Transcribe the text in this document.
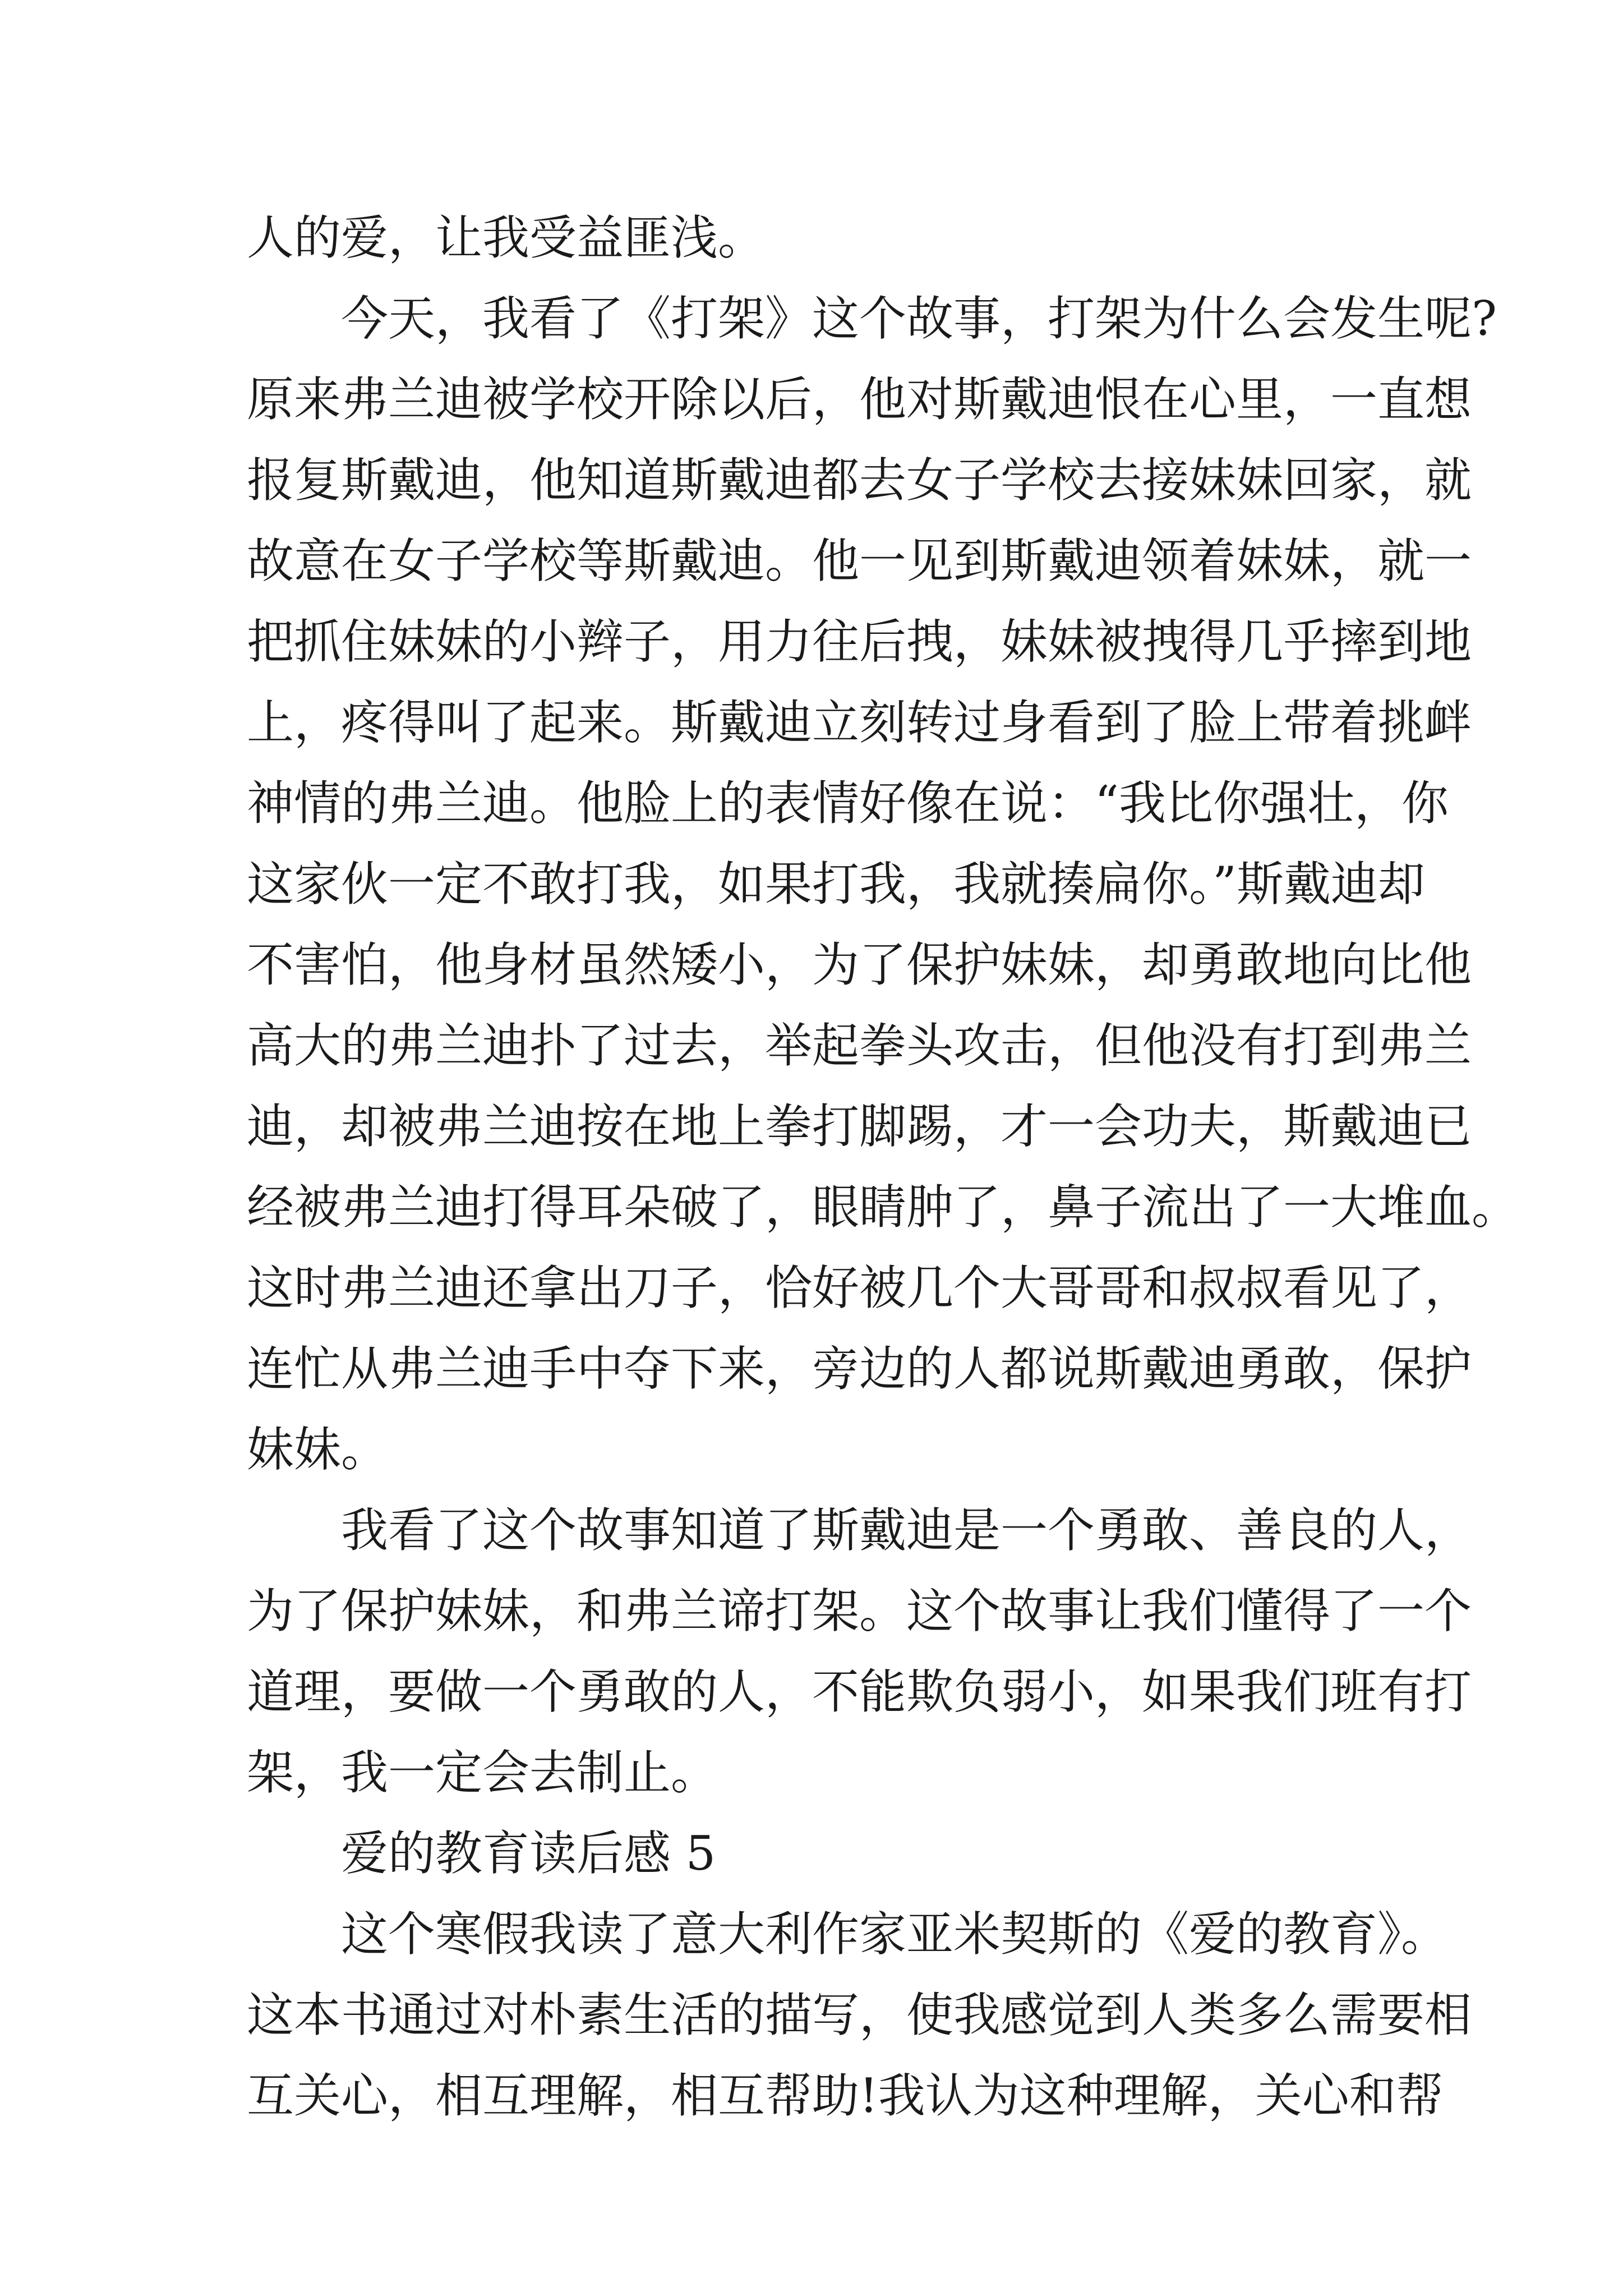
人的爱，让我受益匪浅。
今天，我看了《打架》这个故事，打架为什么会发生呢?
原来弗兰迪被学校开除以后，他对斯戴迪恨在心里，一直想
报复斯戴迪，他知道斯戴迪都去女子学校去接妹妹回家，就
故意在女子学校等斯戴迪。他一见到斯戴迪领着妹妹，就一
把抓住妹妹的小辫子，用力往后拽，妹妹被拽得几乎摔到地
上，疼得叫了起来。斯戴迪立刻转过身看到了脸上带着挑衅
神情的弗兰迪。他脸上的表情好像在说：“我比你强壮，你
这家伙一定不敢打我，如果打我，我就揍扁你。”斯戴迪却
不害怕，他身材虽然矮小，为了保护妹妹，却勇敢地向比他
高大的弗兰迪扑了过去，举起拳头攻击，但他没有打到弗兰
迪，却被弗兰迪按在地上拳打脚踢，才一会功夫，斯戴迪已
经被弗兰迪打得耳朵破了，眼睛肿了，鼻子流出了一大堆血。
这时弗兰迪还拿出刀子，恰好被几个大哥哥和叔叔看见了，
连忙从弗兰迪手中夺下来，旁边的人都说斯戴迪勇敢，保护
妹妹。
我看了这个故事知道了斯戴迪是一个勇敢、善良的人，
为了保护妹妹，和弗兰谛打架。这个故事让我们懂得了一个
道理，要做一个勇敢的人，不能欺负弱小，如果我们班有打
架，我一定会去制止。
爱的教育读后感 5
这个寒假我读了意大利作家亚米契斯的《爱的教育》。
这本书通过对朴素生活的描写，使我感觉到人类多么需要相
互关心，相互理解，相互帮助!我认为这种理解，关心和帮
